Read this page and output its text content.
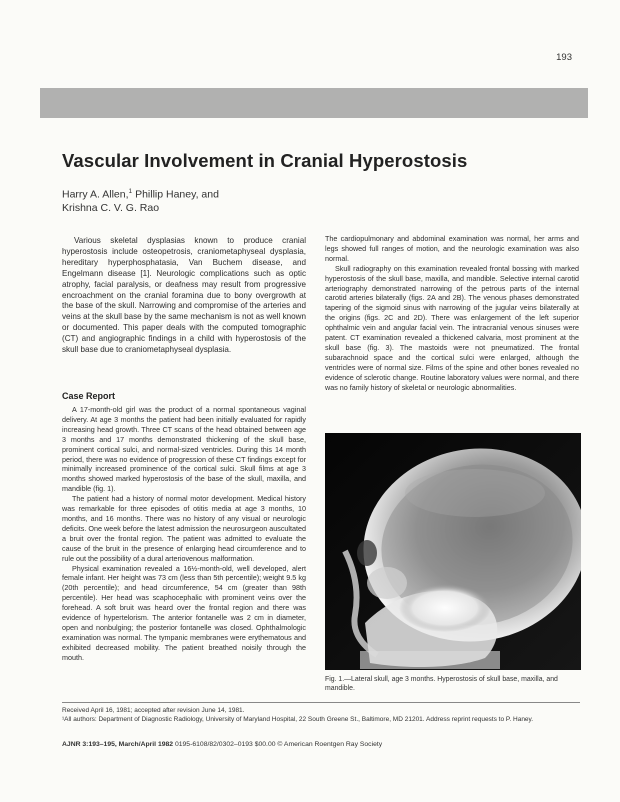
193
Vascular Involvement in Cranial Hyperostosis
Harry A. Allen,$^1$ Phillip Haney, and
Krishna C. V. G. Rao

Various skeletal dysplasias known to produce cranial hyperostosis include osteopetrosis, craniometaphyseal dysplasia, hereditary hyperphosphatasia, Van Buchem disease, and Engelmann disease [1]. Neurologic complications such as optic atrophy, facial paralysis, or deafness may result from progressive encroachment on the cranial foramina due to bony overgrowth at the base of the skull. Narrowing and compromise of the arteries and veins at the skull base by the same mechanism is not as well known or documented. This paper deals with the computed tomographic (CT) and angiographic findings in a child with hyperostosis of the skull base due to craniometaphyseal dysplasia.

Case Report

A 17-month-old girl was the product of a normal spontaneous vaginal delivery. At age 3 months the patient had been initially evaluated for rapidly increasing head growth. Three CT scans of the head obtained between age 3 months and 17 months demonstrated thickening of the skull base, prominent cortical sulci, and normal-sized ventricles. During this 14 month period, there was no evidence of progression of these CT findings except for minimally increased prominence of the cortical sulci. Skull films at age 3 months showed marked hyperostosis of the base of the skull, maxilla, and mandible (fig. 1).

The patient had a history of normal motor development. Medical history was remarkable for three episodes of otitis media at age 3 months, 10 months, and 16 months. There was no history of any visual or neurologic deficits. One week before the latest admission the neurosurgeon auscultated a bruit over the frontal region. The patient was admitted to evaluate the cause of the bruit in the presence of enlarging head circumference and to rule out the possibility of a dural arteriovenous malformation.

Physical examination revealed a 16½-month-old, well developed, alert female infant. Her height was 73 cm (less than 5th percentile); weight 9.5 kg (20th percentile); and head circumference, 54 cm (greater than 98th percentile). Her head was scaphocephalic with prominent veins over the forehead. A soft bruit was heard over the frontal region and there was evidence of hypertelorism. The anterior fontanelle was 2 cm in diameter, open and nonbulging; the posterior fontanelle was closed. Ophthalmologic examination was normal. The tympanic membranes were erythematous and exhibited decreased mobility. The patient breathed noisily through the mouth.

The cardiopulmonary and abdominal examination was normal, her arms and legs showed full ranges of motion, and the neurologic examination was also normal.

Skull radiography on this examination revealed frontal bossing with marked hyperostosis of the skull base, maxilla, and mandible. Selective internal carotid arteriography demonstrated narrowing of the petrous parts of the internal carotid arteries bilaterally (figs. 2A and 2B). The venous phases demonstrated tapering of the sigmoid sinus with narrowing of the jugular veins bilaterally at the origins (figs. 2C and 2D). There was enlargement of the left superior ophthalmic vein and angular facial vein. The intracranial venous sinuses were patent. CT examination revealed a thickened calvaria, most prominent at the skull base (fig. 3). The mastoids were not pneumatized. The frontal subarachnoid space and the cortical sulci were enlarged, although the ventricles were of normal size. Films of the spine and other bones revealed no evidence of sclerotic change. Routine laboratory values were normal, and there was no family history of skeletal or neurologic abnormalities.

Fig. 1.—Lateral skull, age 3 months. Hyperostosis of skull base, maxilla, and mandible.
Received April 16, 1981; accepted after revision June 14, 1981.
¹All authors: Department of Diagnostic Radiology, University of Maryland Hospital, 22 South Greene St., Baltimore, MD 21201. Address reprint requests to P. Haney.
AJNR 3:193–195, March/April 1982 0195-6108/82/0302–0193 $00.00 © American Roentgen Ray Society
